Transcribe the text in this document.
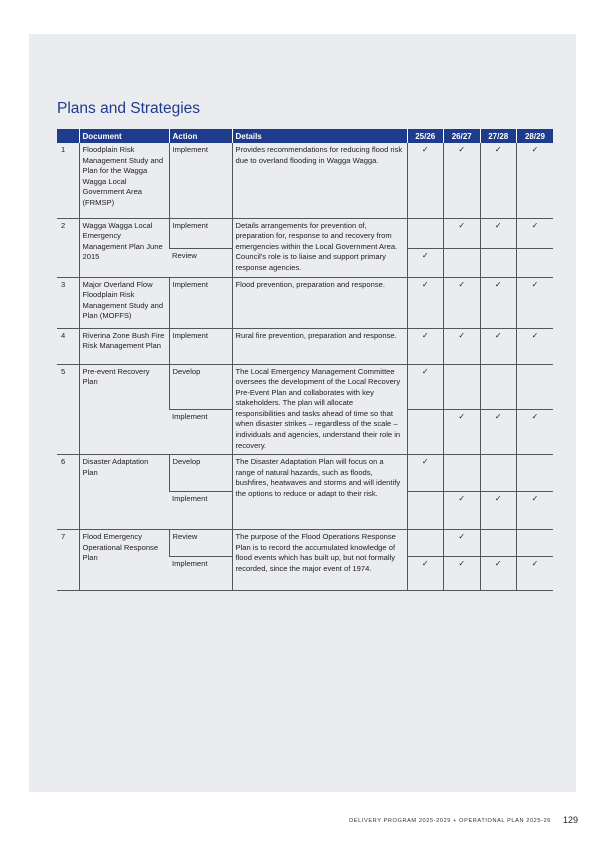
Plans and Strategies
	Document	Action	Details	25/26	26/27	27/28	28/29
1	Floodplain Risk Management Study and Plan for the Wagga Wagga Local Government Area (FRMSP)	Implement	Provides recommendations for reducing flood risk due to overland flooding in Wagga Wagga.	✓	✓	✓	✓
2	Wagga Wagga Local Emergency Management Plan June 2015	Implement	Details arrangements for prevention of, preparation for, response to and recovery from emergencies within the Local Government Area. Council's role is to liaise and support primary response agencies.		✓	✓	✓
		Review		✓			
3	Major Overland Flow Floodplain Risk Management Study and Plan (MOFFS)	Implement	Flood prevention, preparation and response.	✓	✓	✓	✓
4	Riverina Zone Bush Fire Risk Management Plan	Implement	Rural fire prevention, preparation and response.	✓	✓	✓	✓
5	Pre-event Recovery Plan	Develop	The Local Emergency Management Committee oversees the development of the Local Recovery Pre-Event Plan and collaborates with key stakeholders. The plan will allocate responsibilities and tasks ahead of time so that when disaster strikes – regardless of the scale – individuals and agencies, understand their role in recovery.	✓			
		Implement			✓	✓	✓
6	Disaster Adaptation Plan	Develop	The Disaster Adaptation Plan will focus on a range of natural hazards, such as floods, bushfires, heatwaves and storms and will identify the options to reduce or adapt to their risk.	✓			
		Implement			✓	✓	✓
7	Flood Emergency Operational Response Plan	Review	The purpose of the Flood Operations Response Plan is to record the accumulated knowledge of flood events which has built up, but not formally recorded, since the major event of 1974.		✓		
		Implement		✓	✓	✓	✓
DELIVERY PROGRAM 2025-2029 + OPERATIONAL PLAN 2025-26 129
